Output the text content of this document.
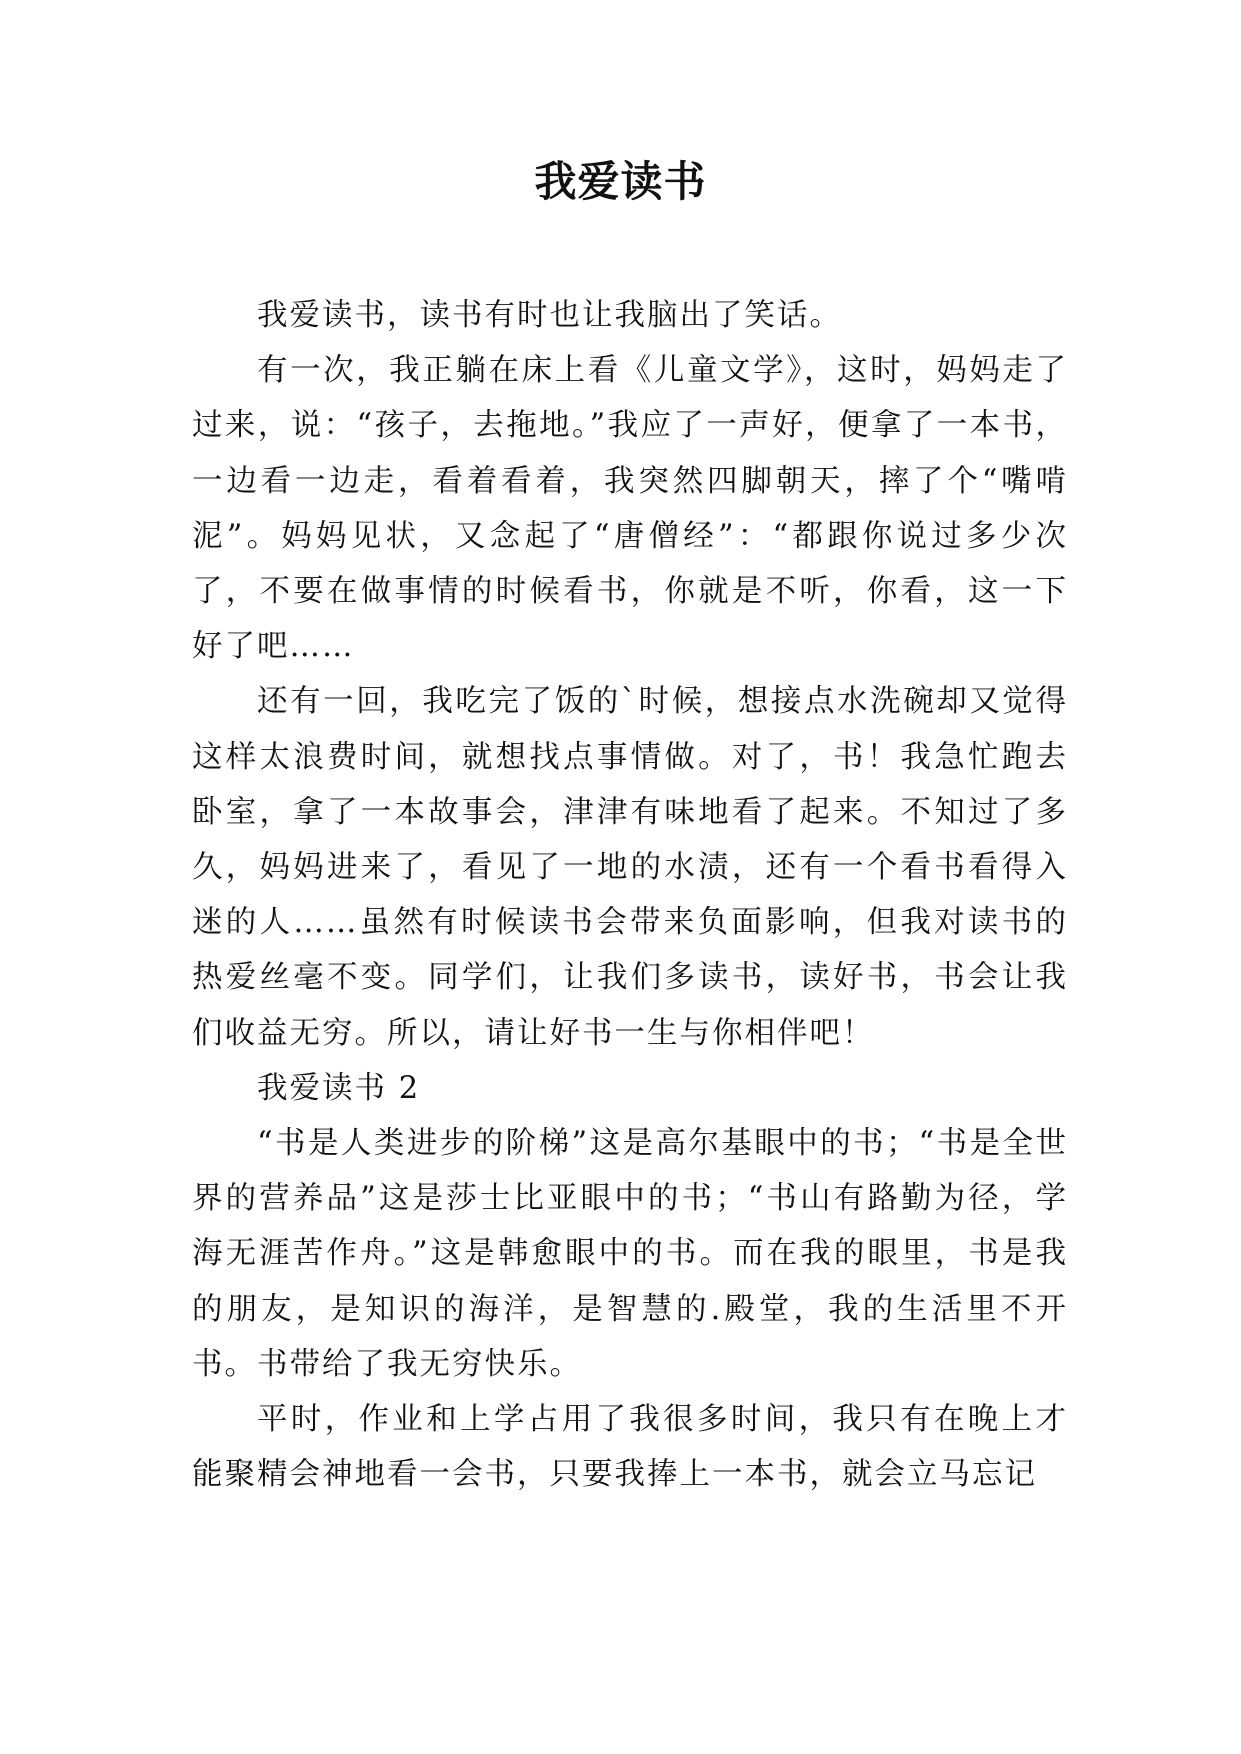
我爱读书

我爱读书，读书有时也让我脑出了笑话。

有一次，我正躺在床上看《儿童文学》，这时，妈妈走了过来，说：“孩子，去拖地。”我应了一声好，便拿了一本书，一边看一边走，看着看着，我突然四脚朝天，摔了个“嘴啃泥”。妈妈见状，又念起了“唐僧经”：“都跟你说过多少次了，不要在做事情的时候看书，你就是不听，你看，这一下好了吧……

还有一回，我吃完了饭的`时候，想接点水洗碗却又觉得这样太浪费时间，就想找点事情做。对了，书！我急忙跑去卧室，拿了一本故事会，津津有味地看了起来。不知过了多久，妈妈进来了，看见了一地的水渍，还有一个看书看得入迷的人……虽然有时候读书会带来负面影响，但我对读书的热爱丝毫不变。同学们，让我们多读书，读好书，书会让我们收益无穷。所以，请让好书一生与你相伴吧！

我爱读书 2

“书是人类进步的阶梯”这是高尔基眼中的书；“书是全世界的营养品”这是莎士比亚眼中的书；“书山有路勤为径，学海无涯苦作舟。”这是韩愈眼中的书。而在我的眼里，书是我的朋友，是知识的海洋，是智慧的.殿堂，我的生活里不开书。书带给了我无穷快乐。

平时，作业和上学占用了我很多时间，我只有在晚上才能聚精会神地看一会书，只要我捧上一本书，就会立马忘记
